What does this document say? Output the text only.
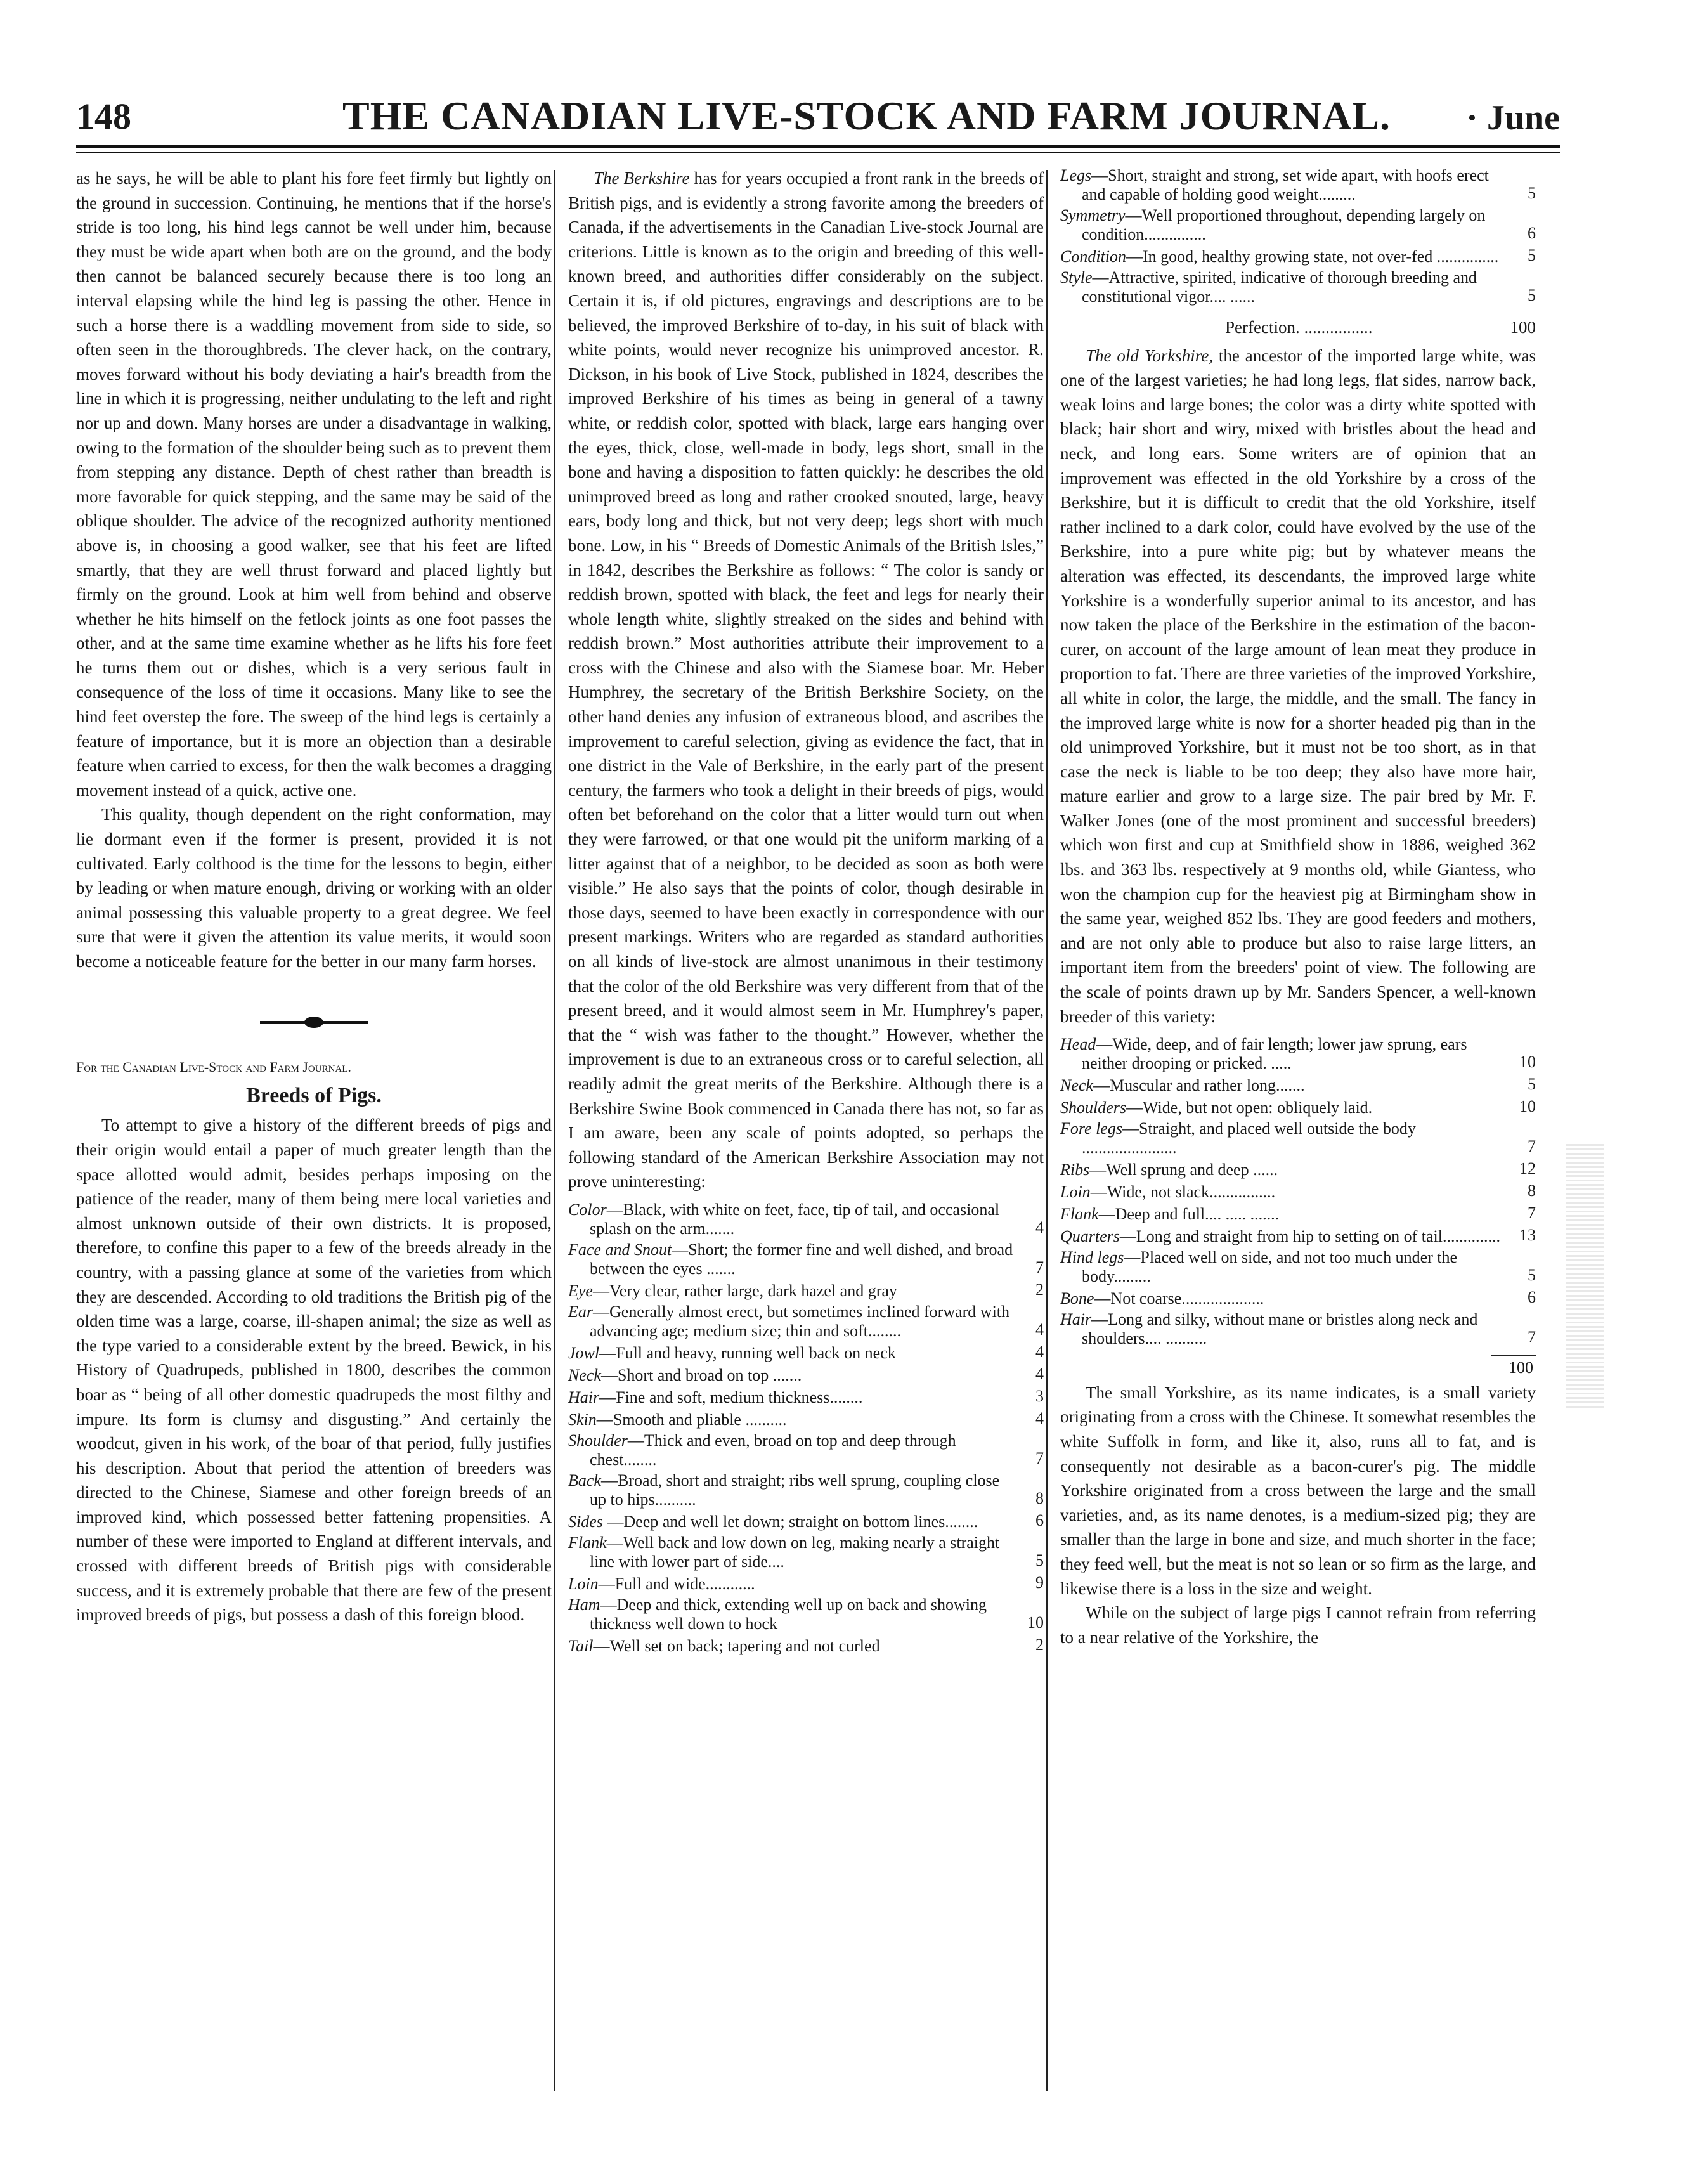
148	THE CANADIAN LIVE-STOCK AND FARM JOURNAL. · June

as he says, he will be able to plant his fore feet firmly but lightly on the ground in succession. Continuing, he mentions that if the horse's stride is too long, his hind legs cannot be well under him, because they must be wide apart when both are on the ground, and the body then cannot be balanced securely because there is too long an interval elapsing while the hind leg is passing the other. Hence in such a horse there is a waddling movement from side to side, so often seen in the thoroughbreds. The clever hack, on the contrary, moves forward without his body deviating a hair's breadth from the line in which it is progressing, neither undulating to the left and right nor up and down. Many horses are under a disadvantage in walking, owing to the formation of the shoulder being such as to prevent them from stepping any distance. Depth of chest rather than breadth is more favorable for quick stepping, and the same may be said of the oblique shoulder. The advice of the recognized authority mentioned above is, in choosing a good walker, see that his feet are lifted smartly, that they are well thrust forward and placed lightly but firmly on the ground. Look at him well from behind and observe whether he hits himself on the fetlock joints as one foot passes the other, and at the same time examine whether as he lifts his fore feet he turns them out or dishes, which is a very serious fault in consequence of the loss of time it occasions. Many like to see the hind feet overstep the fore. The sweep of the hind legs is certainly a feature of importance, but it is more an objection than a desirable feature when carried to excess, for then the walk becomes a dragging movement instead of a quick, active one.

This quality, though dependent on the right conformation, may lie dormant even if the former is present, provided it is not cultivated. Early colthood is the time for the lessons to begin, either by leading or when mature enough, driving or working with an older animal possessing this valuable property to a great degree. We feel sure that were it given the attention its value merits, it would soon become a noticeable feature for the better in our many farm horses.

For the Canadian Live-Stock and Farm Journal.

Breeds of Pigs.

To attempt to give a history of the different breeds of pigs and their origin would entail a paper of much greater length than the space allotted would admit, besides perhaps imposing on the patience of the reader, many of them being mere local varieties and almost unknown outside of their own districts. It is proposed, therefore, to confine this paper to a few of the breeds already in the country, with a passing glance at some of the varieties from which they are descended. According to old traditions the British pig of the olden time was a large, coarse, ill-shapen animal; the size as well as the type varied to a considerable extent by the breed. Bewick, in his History of Quadrupeds, published in 1800, describes the common boar as “ being of all other domestic quadrupeds the most filthy and impure. Its form is clumsy and disgusting.” And certainly the woodcut, given in his work, of the boar of that period, fully justifies his description. About that period the attention of breeders was directed to the Chinese, Siamese and other foreign breeds of an improved kind, which possessed better fattening propensities. A number of these were imported to England at different intervals, and crossed with different breeds of British pigs with considerable success, and it is extremely probable that there are few of the present improved breeds of pigs, but possess a dash of this foreign blood.

The Berkshire has for years occupied a front rank in the breeds of British pigs, and is evidently a strong favorite among the breeders of Canada, if the advertisements in the Canadian Live-stock Journal are criterions. Little is known as to the origin and breeding of this well-known breed, and authorities differ considerably on the subject. Certain it is, if old pictures, engravings and descriptions are to be believed, the improved Berkshire of to-day, in his suit of black with white points, would never recognize his unimproved ancestor. R. Dickson, in his book of Live Stock, published in 1824, describes the improved Berkshire of his times as being in general of a tawny white, or reddish color, spotted with black, large ears hanging over the eyes, thick, close, well-made in body, legs short, small in the bone and having a disposition to fatten quickly: he describes the old unimproved breed as long and rather crooked snouted, large, heavy ears, body long and thick, but not very deep; legs short with much bone. Low, in his “ Breeds of Domestic Animals of the British Isles,” in 1842, describes the Berkshire as follows: “ The color is sandy or reddish brown, spotted with black, the feet and legs for nearly their whole length white, slightly streaked on the sides and behind with reddish brown.” Most authorities attribute their improvement to a cross with the Chinese and also with the Siamese boar. Mr. Heber Humphrey, the secretary of the British Berkshire Society, on the other hand denies any infusion of extraneous blood, and ascribes the improvement to careful selection, giving as evidence the fact, that in one district in the Vale of Berkshire, in the early part of the present century, the farmers who took a delight in their breeds of pigs, would often bet beforehand on the color that a litter would turn out when they were farrowed, or that one would pit the uniform marking of a litter against that of a neighbor, to be decided as soon as both were visible.” He also says that the points of color, though desirable in those days, seemed to have been exactly in correspondence with our present markings. Writers who are regarded as standard authorities on all kinds of live-stock are almost unanimous in their testimony that the color of the old Berkshire was very different from that of the present breed, and it would almost seem in Mr. Humphrey's paper, that the “ wish was father to the thought.” However, whether the improvement is due to an extraneous cross or to careful selection, all readily admit the great merits of the Berkshire. Although there is a Berkshire Swine Book commenced in Canada there has not, so far as I am aware, been any scale of points adopted, so perhaps the following standard of the American Berkshire Association may not prove uninteresting:

Color—Black, with white on feet, face, tip of tail, and occasional splash on the arm.......	4
Face and Snout—Short; the former fine and well dished, and broad between the eyes .......	7
Eye—Very clear, rather large, dark hazel and gray	2
Ear—Generally almost erect, but sometimes inclined forward with advancing age; medium size; thin and soft........	4
Jowl—Full and heavy, running well back on neck	4
Neck—Short and broad on top .......	4
Hair—Fine and soft, medium thickness........	3
Skin—Smooth and pliable ..........	4
Shoulder—Thick and even, broad on top and deep through chest........	7
Back—Broad, short and straight; ribs well sprung, coupling close up to hips..........	8
Sides —Deep and well let down; straight on bottom lines........	6
Flank—Well back and low down on leg, making nearly a straight line with lower part of side....	5
Loin—Full and wide............	9
Ham—Deep and thick, extending well up on back and showing thickness well down to hock	10
Tail—Well set on back; tapering and not curled	2
Legs—Short, straight and strong, set wide apart, with hoofs erect and capable of holding good weight.........	5
Symmetry—Well proportioned throughout, depending largely on condition...............	6
Condition—In good, healthy growing state, not over-fed ...............	5
Style—Attractive, spirited, indicative of thorough breeding and constitutional vigor.... ......	5
Perfection. ................	100

The old Yorkshire, the ancestor of the imported large white, was one of the largest varieties; he had long legs, flat sides, narrow back, weak loins and large bones; the color was a dirty white spotted with black; hair short and wiry, mixed with bristles about the head and neck, and long ears. Some writers are of opinion that an improvement was effected in the old Yorkshire by a cross of the Berkshire, but it is difficult to credit that the old Yorkshire, itself rather inclined to a dark color, could have evolved by the use of the Berkshire, into a pure white pig; but by whatever means the alteration was effected, its descendants, the improved large white Yorkshire is a wonderfully superior animal to its ancestor, and has now taken the place of the Berkshire in the estimation of the bacon-curer, on account of the large amount of lean meat they produce in proportion to fat. There are three varieties of the improved Yorkshire, all white in color, the large, the middle, and the small. The fancy in the improved large white is now for a shorter headed pig than in the old unimproved Yorkshire, but it must not be too short, as in that case the neck is liable to be too deep; they also have more hair, mature earlier and grow to a large size. The pair bred by Mr. F. Walker Jones (one of the most prominent and successful breeders) which won first and cup at Smithfield show in 1886, weighed 362 lbs. and 363 lbs. respectively at 9 months old, while Giantess, who won the champion cup for the heaviest pig at Birmingham show in the same year, weighed 852 lbs. They are good feeders and mothers, and are not only able to produce but also to raise large litters, an important item from the breeders' point of view. The following are the scale of points drawn up by Mr. Sanders Spencer, a well-known breeder of this variety:

Head—Wide, deep, and of fair length; lower jaw sprung, ears neither drooping or pricked. .....	10
Neck—Muscular and rather long.......	5
Shoulders—Wide, but not open: obliquely laid.	10
Fore legs—Straight, and placed well outside the body .......................	7
Ribs—Well sprung and deep ......	12
Loin—Wide, not slack................	8
Flank—Deep and full.... ..... .......	7
Quarters—Long and straight from hip to setting on of tail..............	13
Hind legs—Placed well on side, and not too much under the body.........	5
Bone—Not coarse....................	6
Hair—Long and silky, without mane or bristles along neck and shoulders.... ..........	7
100

The small Yorkshire, as its name indicates, is a small variety originating from a cross with the Chinese. It somewhat resembles the white Suffolk in form, and like it, also, runs all to fat, and is consequently not desirable as a bacon-curer's pig. The middle Yorkshire originated from a cross between the large and the small varieties, and, as its name denotes, is a medium-sized pig; they are smaller than the large in bone and size, and much shorter in the face; they feed well, but the meat is not so lean or so firm as the large, and likewise there is a loss in the size and weight.

While on the subject of large pigs I cannot refrain from referring to a near relative of the Yorkshire, the
